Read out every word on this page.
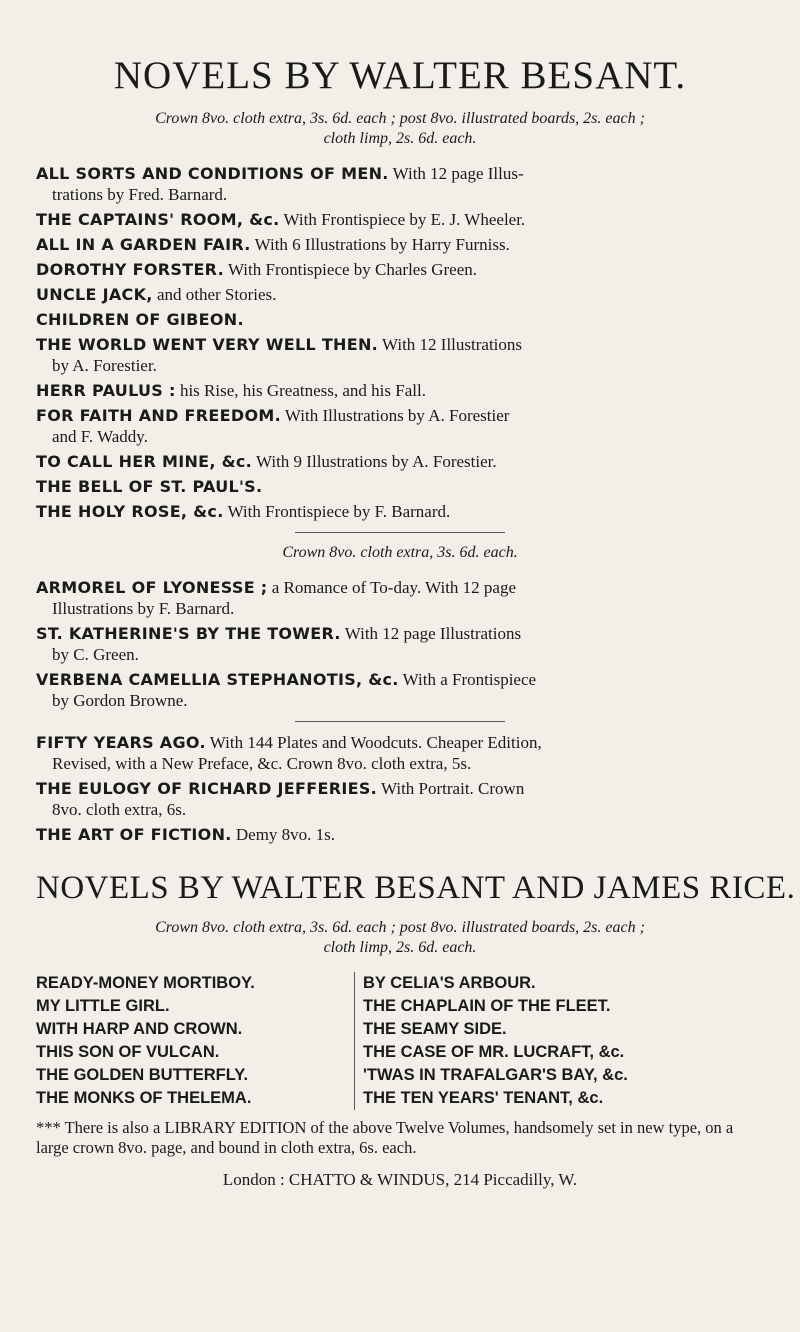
NOVELS BY WALTER BESANT.
Crown 8vo. cloth extra, 3s. 6d. each ; post 8vo. illustrated boards, 2s. each ;
cloth limp, 2s. 6d. each.
ALL SORTS AND CONDITIONS OF MEN. With 12 page Illus-
trations by Fred. Barnard.
THE CAPTAINS' ROOM, &c. With Frontispiece by E. J. Wheeler.
ALL IN A GARDEN FAIR. With 6 Illustrations by Harry Furniss.
DOROTHY FORSTER. With Frontispiece by Charles Green.
UNCLE JACK, and other Stories.
CHILDREN OF GIBEON.
THE WORLD WENT VERY WELL THEN. With 12 Illustrations
by A. Forestier.
HERR PAULUS : his Rise, his Greatness, and his Fall.
FOR FAITH AND FREEDOM. With Illustrations by A. Forestier
and F. Waddy.
TO CALL HER MINE, &c. With 9 Illustrations by A. Forestier.
THE BELL OF ST. PAUL'S.
THE HOLY ROSE, &c. With Frontispiece by F. Barnard.
Crown 8vo. cloth extra, 3s. 6d. each.
ARMOREL OF LYONESSE ; a Romance of To-day. With 12 page
Illustrations by F. Barnard.
ST. KATHERINE'S BY THE TOWER. With 12 page Illustrations
by C. Green.
VERBENA CAMELLIA STEPHANOTIS, &c. With a Frontispiece
by Gordon Browne.
FIFTY YEARS AGO. With 144 Plates and Woodcuts. Cheaper Edition,
Revised, with a New Preface, &c. Crown 8vo. cloth extra, 5s.
THE EULOGY OF RICHARD JEFFERIES. With Portrait. Crown
8vo. cloth extra, 6s.
THE ART OF FICTION. Demy 8vo. 1s.
NOVELS BY WALTER BESANT AND JAMES RICE.
Crown 8vo. cloth extra, 3s. 6d. each ; post 8vo. illustrated boards, 2s. each ;
cloth limp, 2s. 6d. each.
READY-MONEY MORTIBOY.
MY LITTLE GIRL.
WITH HARP AND CROWN.
THIS SON OF VULCAN.
THE GOLDEN BUTTERFLY.
THE MONKS OF THELEMA.
BY CELIA'S ARBOUR.
THE CHAPLAIN OF THE FLEET.
THE SEAMY SIDE.
THE CASE OF MR. LUCRAFT, &c.
'TWAS IN TRAFALGAR'S BAY, &c.
THE TEN YEARS' TENANT, &c.
*** There is also a LIBRARY EDITION of the above Twelve Volumes, handsomely set in new type, on a large crown 8vo. page, and bound in cloth extra, 6s. each.
London : CHATTO & WINDUS, 214 Piccadilly, W.
